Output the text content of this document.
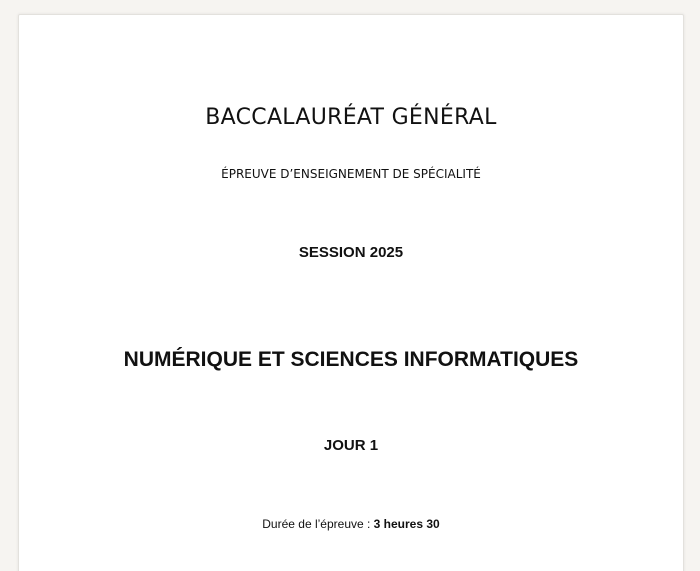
BACCALAURÉAT GÉNÉRAL
ÉPREUVE D’ENSEIGNEMENT DE SPÉCIALITÉ
SESSION 2025
NUMÉRIQUE ET SCIENCES INFORMATIQUES
JOUR 1
Durée de l’épreuve : 3 heures 30
